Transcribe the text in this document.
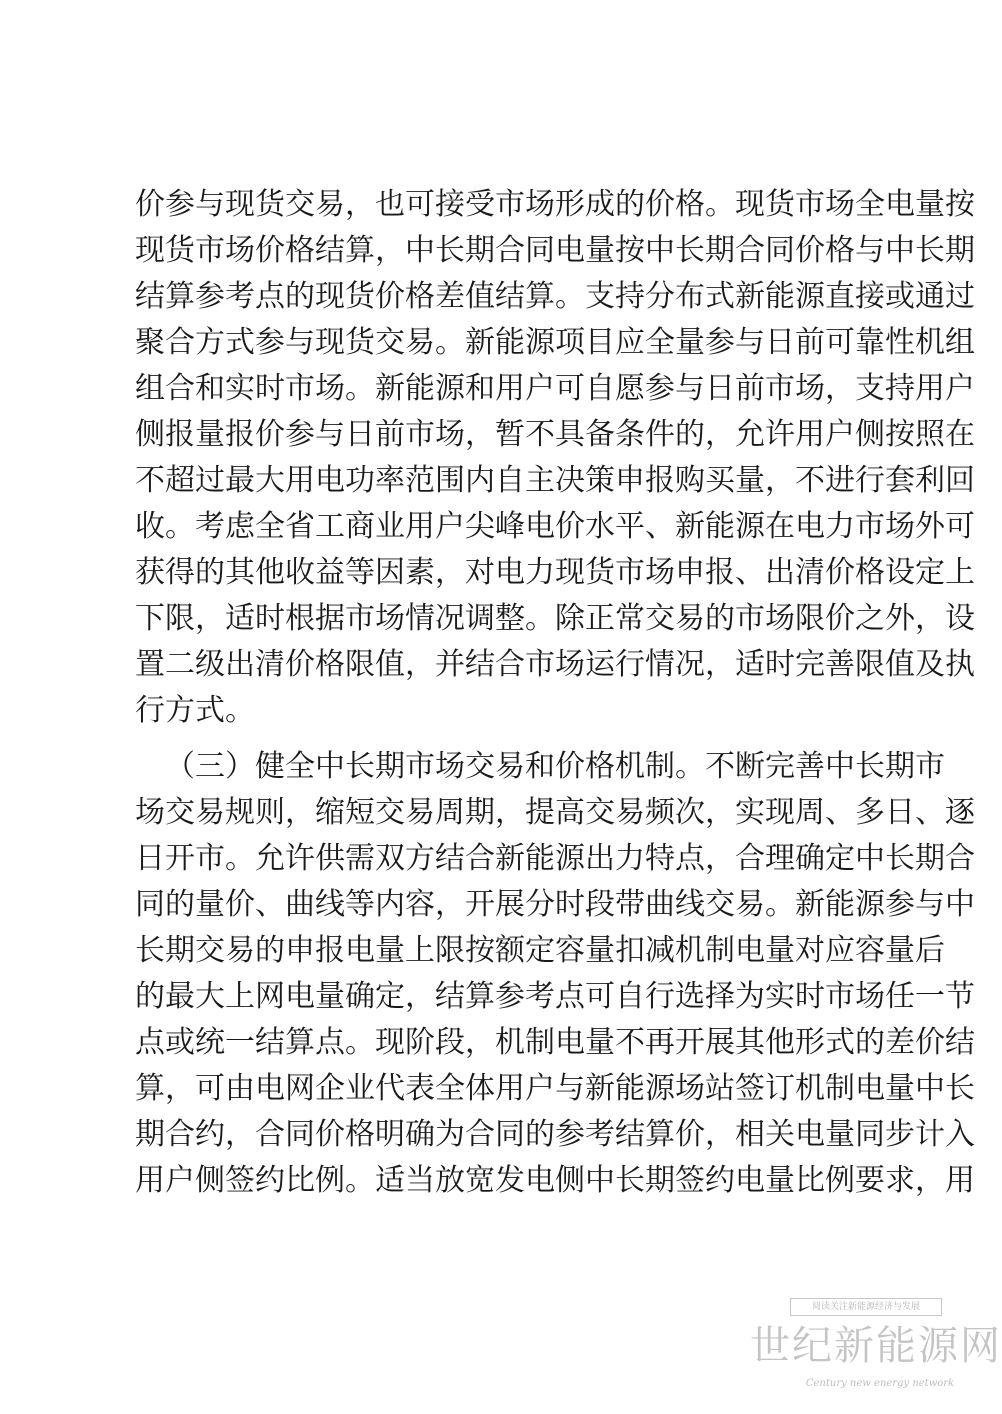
价参与现货交易，也可接受市场形成的价格。现货市场全电量按
现货市场价格结算，中长期合同电量按中长期合同价格与中长期
结算参考点的现货价格差值结算。支持分布式新能源直接或通过
聚合方式参与现货交易。新能源项目应全量参与日前可靠性机组
组合和实时市场。新能源和用户可自愿参与日前市场，支持用户
侧报量报价参与日前市场，暂不具备条件的，允许用户侧按照在
不超过最大用电功率范围内自主决策申报购买量，不进行套利回
收。考虑全省工商业用户尖峰电价水平、新能源在电力市场外可
获得的其他收益等因素，对电力现货市场申报、出清价格设定上
下限，适时根据市场情况调整。除正常交易的市场限价之外，设
置二级出清价格限值，并结合市场运行情况，适时完善限值及执
行方式。
（三）健全中长期市场交易和价格机制。不断完善中长期市
场交易规则，缩短交易周期，提高交易频次，实现周、多日、逐
日开市。允许供需双方结合新能源出力特点，合理确定中长期合
同的量价、曲线等内容，开展分时段带曲线交易。新能源参与中
长期交易的申报电量上限按额定容量扣减机制电量对应容量后
的最大上网电量确定，结算参考点可自行选择为实时市场任一节
点或统一结算点。现阶段，机制电量不再开展其他形式的差价结
算，可由电网企业代表全体用户与新能源场站签订机制电量中长
期合约，合同价格明确为合同的参考结算价，相关电量同步计入
用户侧签约比例。适当放宽发电侧中长期签约电量比例要求，用
阅读关注新能源经济与发展
世纪新能源网
Century new energy network
